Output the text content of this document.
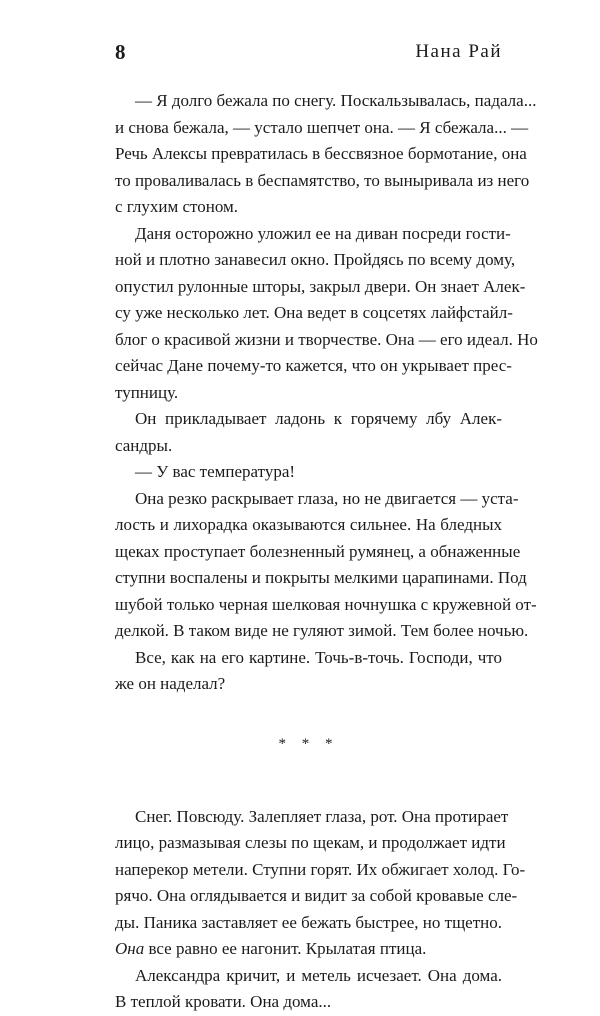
8	Нана Рай
— Я долго бежала по снегу. Поскальзывалась, падала...
и снова бежала, — устало шепчет она. — Я сбежала... —
Речь Алексы превратилась в бессвязное бормотание, она
то проваливалась в беспамятство, то выныривала из него
с глухим стоном.
Даня осторожно уложил ее на диван посреди гости-
ной и плотно занавесил окно. Пройдясь по всему дому,
опустил рулонные шторы, закрыл двери. Он знает Алек-
су уже несколько лет. Она ведет в соцсетях лайфстайл-
блог о красивой жизни и творчестве. Она — его идеал. Но
сейчас Дане почему-то кажется, что он укрывает прес-
тупницу.
Он прикладывает ладонь к горячему лбу Алек-
сандры.
— У вас температура!
Она резко раскрывает глаза, но не двигается — уста-
лость и лихорадка оказываются сильнее. На бледных
щеках проступает болезненный румянец, а обнаженные
ступни воспалены и покрыты мелкими царапинами. Под
шубой только черная шелковая ночнушка с кружевной от-
делкой. В таком виде не гуляют зимой. Тем более ночью.
Все, как на его картине. Точь-в-точь. Господи, что
же он наделал?
* * *
Снег. Повсюду. Залепляет глаза, рот. Она протирает
лицо, размазывая слезы по щекам, и продолжает идти
наперекор метели. Ступни горят. Их обжигает холод. Го-
рячо. Она оглядывается и видит за собой кровавые сле-
ды. Паника заставляет ее бежать быстрее, но тщетно.
Она все равно ее нагонит. Крылатая птица.
Александра кричит, и метель исчезает. Она дома.
В теплой кровати. Она дома...
